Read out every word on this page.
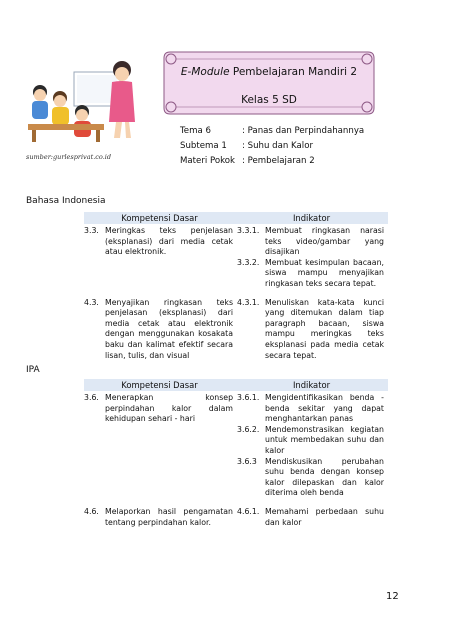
sumber:gurlesprivat.co.id
E-Module Pembelajaran Mandiri 2
Kelas 5 SD
Tema 6	: Panas dan Perpindahannya
Subtema 1	: Suhu dan Kalor
Materi Pokok : Pembelajaran 2
Bahasa Indonesia
Kompetensi Dasar	Indikator
3.3. Meringkas teks penjelasan (eksplanasi) dari media cetak atau elektronik.
3.3.1. Membuat ringkasan narasi teks video/gambar yang disajikan
3.3.2. Membuat kesimpulan bacaan, siswa mampu menyajikan ringkasan teks secara tepat.
4.3. Menyajikan ringkasan teks penjelasan (eksplanasi) dari media cetak atau elektronik dengan menggunakan kosakata baku dan kalimat efektif secara lisan, tulis, dan visual
4.3.1. Menuliskan kata-kata kunci yang ditemukan dalam tiap paragraph bacaan, siswa mampu meringkas teks eksplanasi pada media cetak secara tepat.
IPA
Kompetensi Dasar	Indikator
3.6. Menerapkan konsep perpindahan kalor dalam kehidupan sehari - hari
3.6.1. Mengidentifikasikan benda - benda sekitar yang dapat menghantarkan panas
3.6.2. Mendemonstrasikan kegiatan untuk membedakan suhu dan kalor
3.6.3	Mendiskusikan perubahan suhu benda dengan konsep kalor dilepaskan dan kalor diterima oleh benda
4.6. Melaporkan hasil pengamatan tentang perpindahan kalor.
4.6.1. Memahami perbedaan suhu dan kalor
12
